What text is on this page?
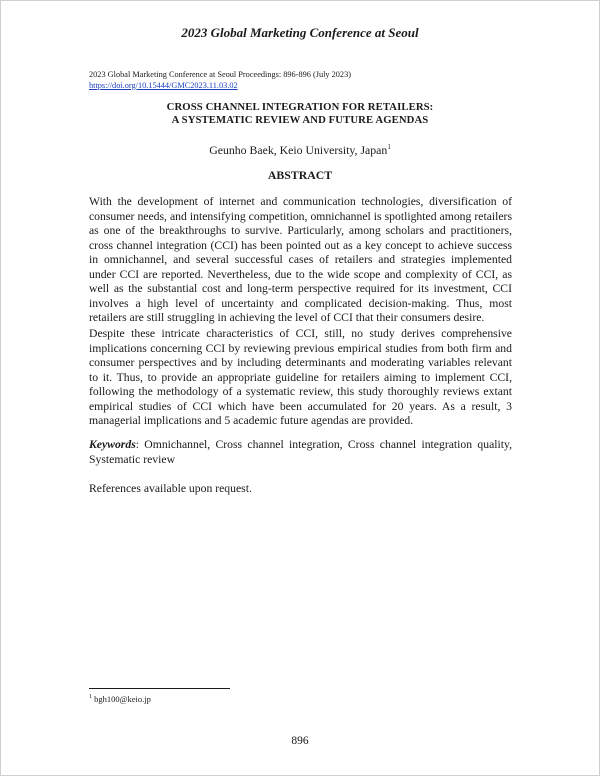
2023 Global Marketing Conference at Seoul
2023 Global Marketing Conference at Seoul Proceedings: 896-896 (July 2023)
https://doi.org/10.15444/GMC2023.11.03.02
CROSS CHANNEL INTEGRATION FOR RETAILERS:
A SYSTEMATIC REVIEW AND FUTURE AGENDAS
Geunho Baek, Keio University, Japan$^1$
ABSTRACT
With the development of internet and communication technologies, diversification of consumer needs, and intensifying competition, omnichannel is spotlighted among retailers as one of the breakthroughs to survive. Particularly, among scholars and practitioners, cross channel integration (CCI) has been pointed out as a key concept to achieve success in omnichannel, and several successful cases of retailers and strategies implemented under CCI are reported. Nevertheless, due to the wide scope and complexity of CCI, as well as the substantial cost and long-term perspective required for its investment, CCI involves a high level of uncertainty and complicated decision-making. Thus, most retailers are still struggling in achieving the level of CCI that their consumers desire.
Despite these intricate characteristics of CCI, still, no study derives comprehensive implications concerning CCI by reviewing previous empirical studies from both firm and consumer perspectives and by including determinants and moderating variables relevant to it. Thus, to provide an appropriate guideline for retailers aiming to implement CCI, following the methodology of a systematic review, this study thoroughly reviews extant empirical studies of CCI which have been accumulated for 20 years. As a result, 3 managerial implications and 5 academic future agendas are provided.
Keywords: Omnichannel, Cross channel integration, Cross channel integration quality, Systematic review
References available upon request.
$^1$ bgh100@keio.jp
896
